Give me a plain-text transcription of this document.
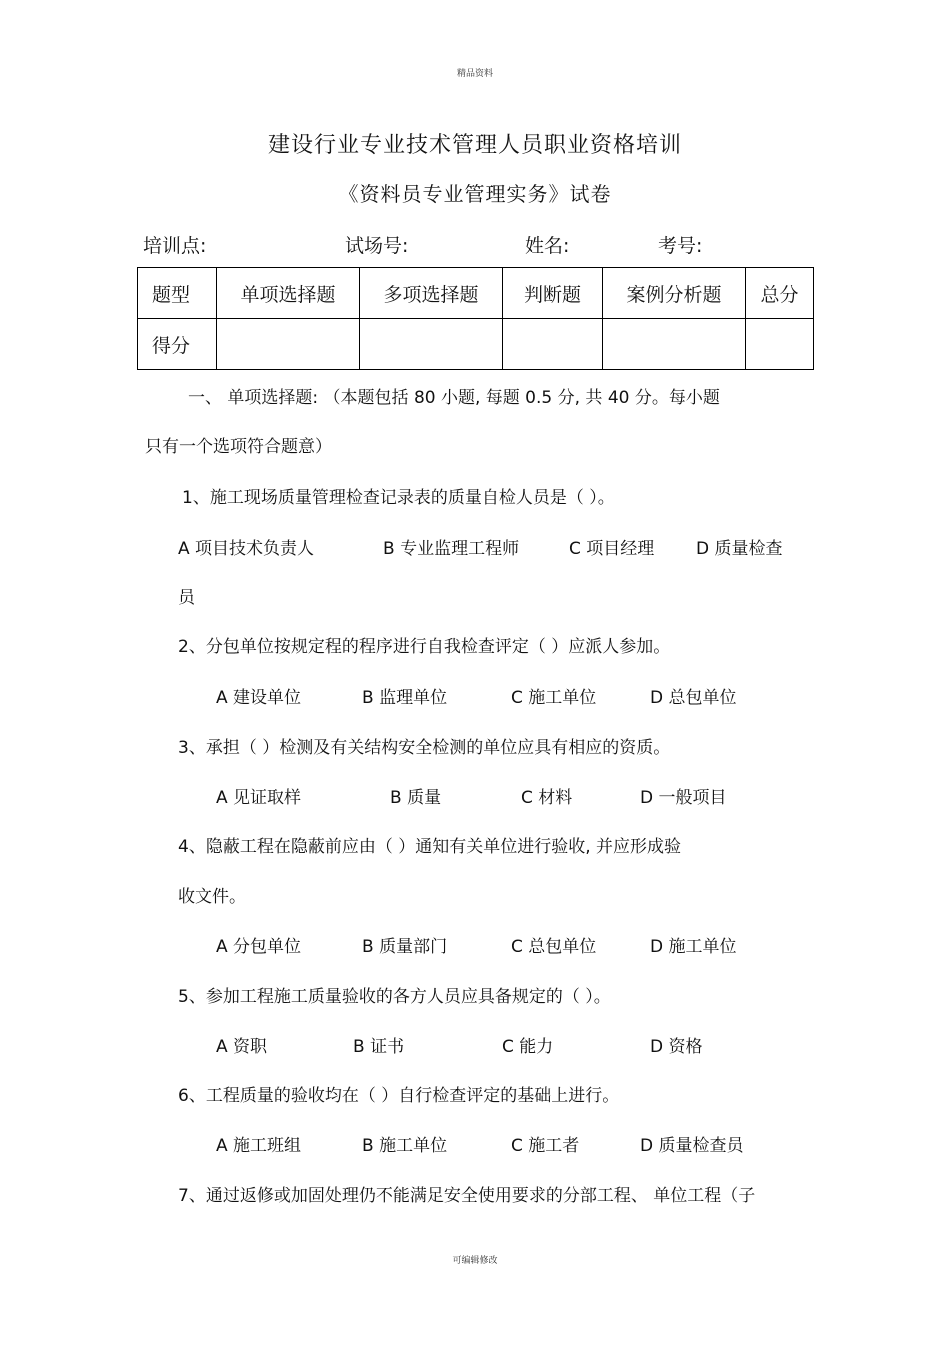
精品资料
建设行业专业技术管理人员职业资格培训
《资料员专业管理实务》试卷
培训点:	试场号:	姓名:	考号:
题型	单项选择题	多项选择题	判断题	案例分析题	总分
得分					
一、 单项选择题: （本题包括 80 小题, 每题 0.5 分, 共 40 分。每小题
只有一个选项符合题意）
1、施工现场质量管理检查记录表的质量自检人员是（ ）。
A 项目技术负责人	B 专业监理工程师	C 项目经理 D 质量检查
员
2、分包单位按规定程的程序进行自我检查评定（ ）应派人参加。
A 建设单位	B 监理单位	C 施工单位	D 总包单位
3、承担（ ）检测及有关结构安全检测的单位应具有相应的资质。
A 见证取样	B 质量	C 材料	D 一般项目
4、隐蔽工程在隐蔽前应由（ ）通知有关单位进行验收, 并应形成验
收文件。
A 分包单位	B 质量部门	C 总包单位	D 施工单位
5、参加工程施工质量验收的各方人员应具备规定的（ ）。
A 资职	B 证书	C 能力	D 资格
6、工程质量的验收均在（ ）自行检查评定的基础上进行。
A 施工班组	B 施工单位	C 施工者	D 质量检查员
7、通过返修或加固处理仍不能满足安全使用要求的分部工程、 单位工程（子
可编辑修改
